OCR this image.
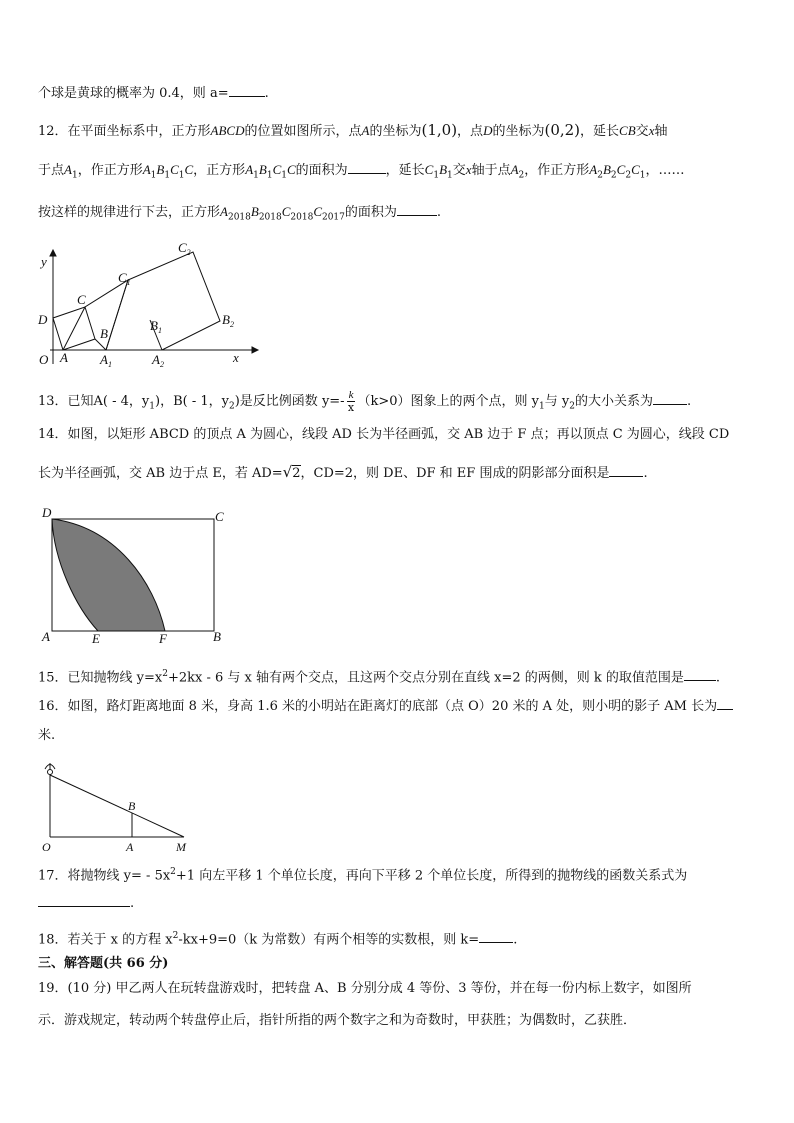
个球是黄球的概率为 0.4，则 a=	.
12．在平面坐标系中，正方形ABCD的位置如图所示，点A的坐标为(1,0)，点D的坐标为(0,2)，延长CB交x轴
于点$A_1$，作正方形$A_1B_1C_1C$，正方形$A_1B_1C_1C$的面积为	，延长$C_1B_1$交x轴于点$A_2$，作正方形$A_2B_2C_2C_1$，……
按这样的规律进行下去，正方形$A_{2018}B_{2018}C_{2018}C_{2017}$的面积为	.
y
x
O
D
C
B
A
$C_1$
$B_1$
$A_1$
$C_2$
$B_2$
$A_2$
13．已知A( - 4，$y_1$)，B( - 1，$y_2$)是反比例函数 $y=- \frac{k}{x} (k>0)$图象上的两个点，则 $y_1$与 $y_2$的大小关系为	.
14．如图，以矩形 ABCD 的顶点 A 为圆心，线段 AD 长为半径画弧，交 AB 边于 F 点；再以顶点 C 为圆心，线段 CD
长为半径画弧，交 AB 边于点 E，若 AD=√2，CD=2，则 DE、DF 和 EF 围成的阴影部分面积是	.
D	C
A	E	F	B
15．已知抛物线 $y=x^2+2kx - 6$ 与 x 轴有两个交点，且这两个交点分别在直线 x=2 的两侧，则 k 的取值范围是 .
16．如图，路灯距离地面 8 米，身高 1.6 米的小明站在距离灯的底部（点 O）20 米的 A 处，则小明的影子 AM 长为
米.
B
O	A	M
17．将抛物线 $y= - 5x^2+1$ 向左平移 1 个单位长度，再向下平移 2 个单位长度，所得到的抛物线的函数关系式为
.
18．若关于 x 的方程 $x^2-kx+9=0(k$ 为常数）有两个相等的实数根，则 k=	.
三、解答题(共 66 分)
19．(10 分) 甲乙两人在玩转盘游戏时，把转盘 A、B 分别分成 4 等份、3 等份，并在每一份内标上数字，如图所
示．游戏规定，转动两个转盘停止后，指针所指的两个数字之和为奇数时，甲获胜；为偶数时，乙获胜．
